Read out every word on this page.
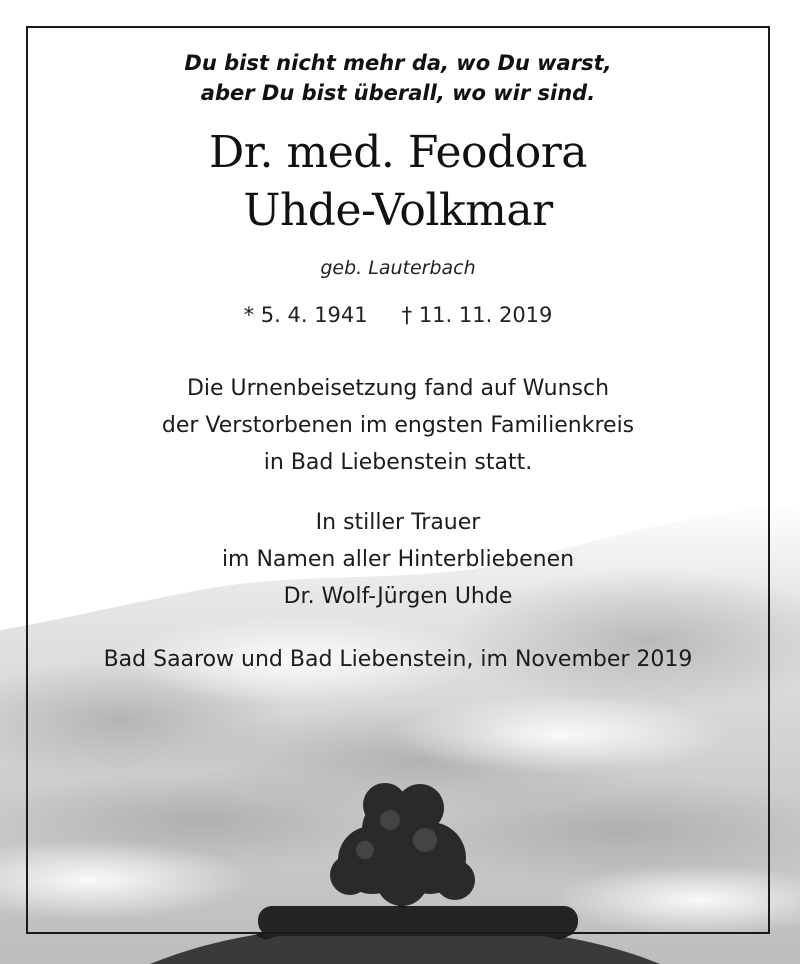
Du bist nicht mehr da, wo Du warst,
aber Du bist überall, wo wir sind.
Dr. med. Feodora
Uhde-Volkmar
geb. Lauterbach
* 5. 4. 1941 † 11. 11. 2019
Die Urnenbeisetzung fand auf Wunsch
der Verstorbenen im engsten Familienkreis
in Bad Liebenstein statt.
In stiller Trauer
im Namen aller Hinterbliebenen
Dr. Wolf-Jürgen Uhde
Bad Saarow und Bad Liebenstein, im November 2019
